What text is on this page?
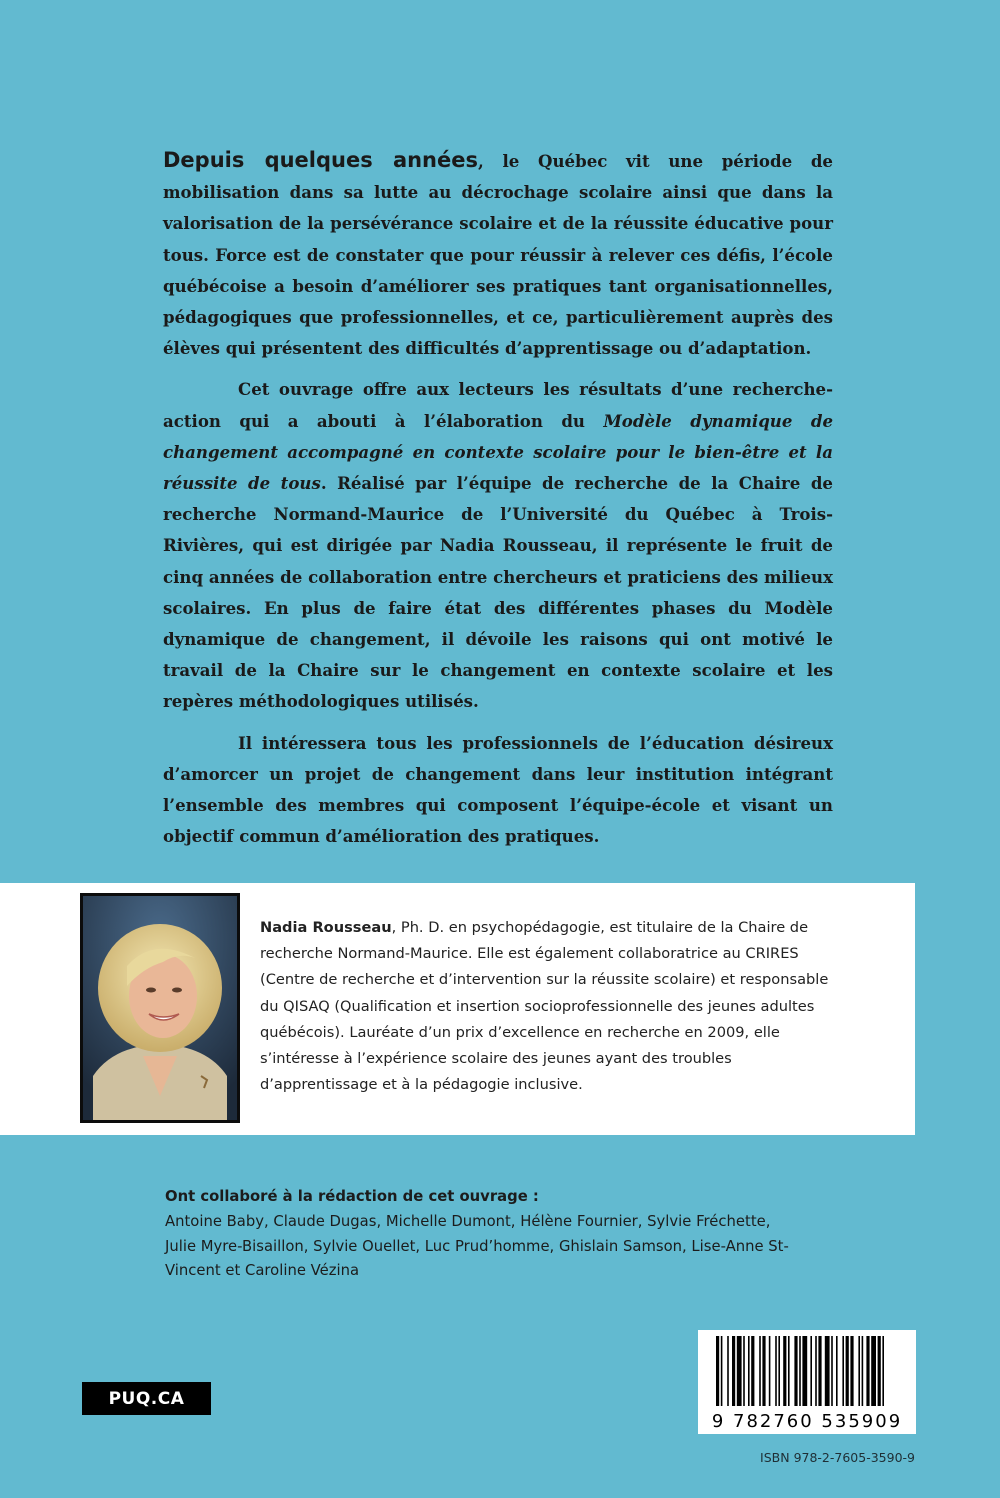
Depuis quelques années, le Québec vit une période de mobilisation dans sa lutte au décrochage scolaire ainsi que dans la valorisation de la persévérance scolaire et de la réussite éducative pour tous. Force est de constater que pour réussir à relever ces défis, l’école québécoise a besoin d’améliorer ses pratiques tant organisationnelles, pédagogiques que professionnelles, et ce, particulièrement auprès des élèves qui présentent des difficultés d’apprentissage ou d’adaptation.

Cet ouvrage offre aux lecteurs les résultats d’une recherche-action qui a abouti à l’élaboration du Modèle dynamique de changement accompagné en contexte scolaire pour le bien-être et la réussite de tous. Réalisé par l’équipe de recherche de la Chaire de recherche Normand-Maurice de l’Université du Québec à Trois-Rivières, qui est dirigée par Nadia Rousseau, il représente le fruit de cinq années de collaboration entre chercheurs et praticiens des milieux scolaires. En plus de faire état des différentes phases du Modèle dynamique de changement, il dévoile les raisons qui ont motivé le travail de la Chaire sur le changement en contexte scolaire et les repères méthodologiques utilisés.

Il intéressera tous les professionnels de l’éducation désireux d’amorcer un projet de changement dans leur institution intégrant l’ensemble des membres qui composent l’équipe-école et visant un objectif commun d’amélioration des pratiques.

Nadia Rousseau, Ph. D. en psychopédagogie, est titulaire de la Chaire de recherche Normand-Maurice. Elle est également collaboratrice au CRIRES (Centre de recherche et d’intervention sur la réussite scolaire) et responsable du QISAQ (Qualification et insertion socioprofessionnelle des jeunes adultes québécois). Lauréate d’un prix d’excellence en recherche en 2009, elle s’intéresse à l’expérience scolaire des jeunes ayant des troubles d’apprentissage et à la pédagogie inclusive.
Ont collaboré à la rédaction de cet ouvrage :
Antoine Baby, Claude Dugas, Michelle Dumont, Hélène Fournier, Sylvie Fréchette, Julie Myre-Bisaillon, Sylvie Ouellet, Luc Prud’homme, Ghislain Samson, Lise-Anne St-Vincent et Caroline Vézina
PUQ.CA
9 782760 535909
ISBN 978-2-7605-3590-9
